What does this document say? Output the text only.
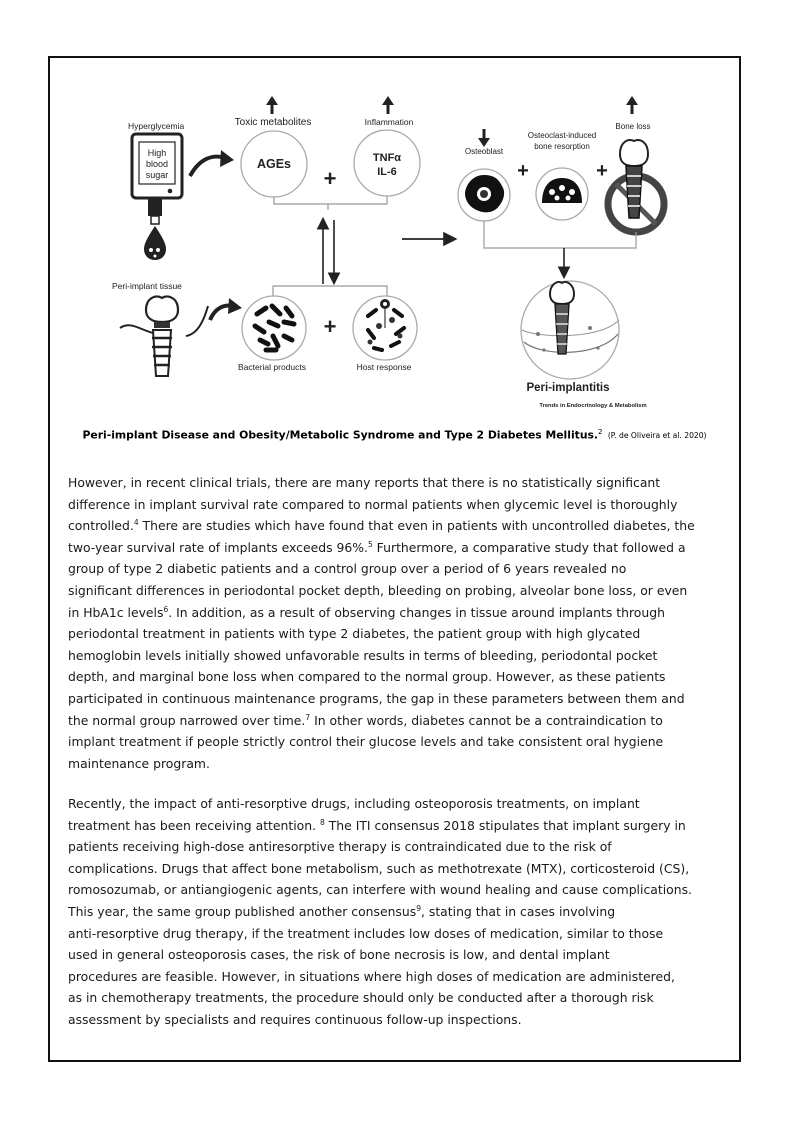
Hyperglycemia
High
blood
sugar
Toxic metabolites	Inflammation
AGEs
+
TNFα
IL-6
Osteoblast
Osteoclast-induced
bone resorption
Bone loss
+	+
Peri-implantitis
Trends in Endocrinology & Metabolism
Peri-implant tissue
+
Bacterial products	Host response
Peri-implant Disease and Obesity/Metabolic Syndrome and Type 2 Diabetes Mellitus.$^2$ (P. de Oliveira et al. 2020)
However, in recent clinical trials, there are many reports that there is no statistically significant
difference in implant survival rate compared to normal patients when glycemic level is thoroughly
controlled.$^4$ There are studies which have found that even in patients with uncontrolled diabetes, the
two-year survival rate of implants exceeds 96%.$^5$ Furthermore, a comparative study that followed a
group of type 2 diabetic patients and a control group over a period of 6 years revealed no
significant differences in periodontal pocket depth, bleeding on probing, alveolar bone loss, or even
in HbA1c levels$^6$. In addition, as a result of observing changes in tissue around implants through
periodontal treatment in patients with type 2 diabetes, the patient group with high glycated
hemoglobin levels initially showed unfavorable results in terms of bleeding, periodontal pocket
depth, and marginal bone loss when compared to the normal group. However, as these patients
participated in continuous maintenance programs, the gap in these parameters between them and
the normal group narrowed over time.$^7$ In other words, diabetes cannot be a contraindication to
implant treatment if people strictly control their glucose levels and take consistent oral hygiene
maintenance program.
Recently, the impact of anti-resorptive drugs, including osteoporosis treatments, on implant
treatment has been receiving attention. $^8$ The ITI consensus 2018 stipulates that implant surgery in
patients receiving high-dose antiresorptive therapy is contraindicated due to the risk of
complications. Drugs that affect bone metabolism, such as methotrexate (MTX), corticosteroid (CS),
romosozumab, or antiangiogenic agents, can interfere with wound healing and cause complications.
This year, the same group published another consensus$^9$, stating that in cases involving
anti-resorptive drug therapy, if the treatment includes low doses of medication, similar to those
used in general osteoporosis cases, the risk of bone necrosis is low, and dental implant
procedures are feasible. However, in situations where high doses of medication are administered,
as in chemotherapy treatments, the procedure should only be conducted after a thorough risk
assessment by specialists and requires continuous follow-up inspections.
